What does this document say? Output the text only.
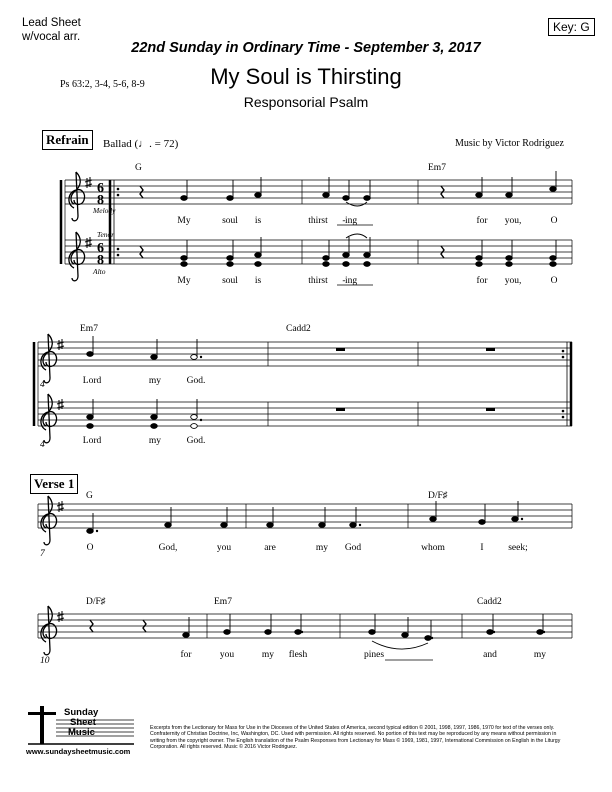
Lead Sheet
w/vocal arr.
Key: G
22nd Sunday in Ordinary Time - September 3, 2017
Ps 63:2, 3-4, 5-6, 8-9	My Soul is Thirsting
Responsorial Psalm
Refrain	Ballad (♩. = 72)	Music by Victor Rodriguez
6
8
6
8
Melody
Tenor
Alto
G	Em7
My	soul	is	thirst	- ing	for	you,	O
My	soul	is	thirst	- ing	for	you,	O
Em7	Cadd2
Lord	my	God.
Lord	my	God.
4
4
Verse 1
G	D/F♯
O	God,	you	are	my	God	whom	I	seek;
7
D/F♯	Em7	Cadd2
for	you	my	flesh	pines	and	my
10
Sunday
Sheet
Music
www.sundaysheetmusic.com
Excerpts from the Lectionary for Mass for Use in the Dioceses of the United States of America, second typical edition © 2001, 1998, 1997, 1986, 1970 for text of the verses only. Confraternity of Christian Doctrine, Inc, Washington, DC. Used with permission. All rights reserved. No portion of this text may be reproduced by any means without permission in writing from the copyright owner. The English translation of the Psalm Responses from Lectionary for Mass © 1969, 1981, 1997, International Commission on English in the Liturgy Corporation. All rights reserved. Music © 2016 Victor Rodriguez.
